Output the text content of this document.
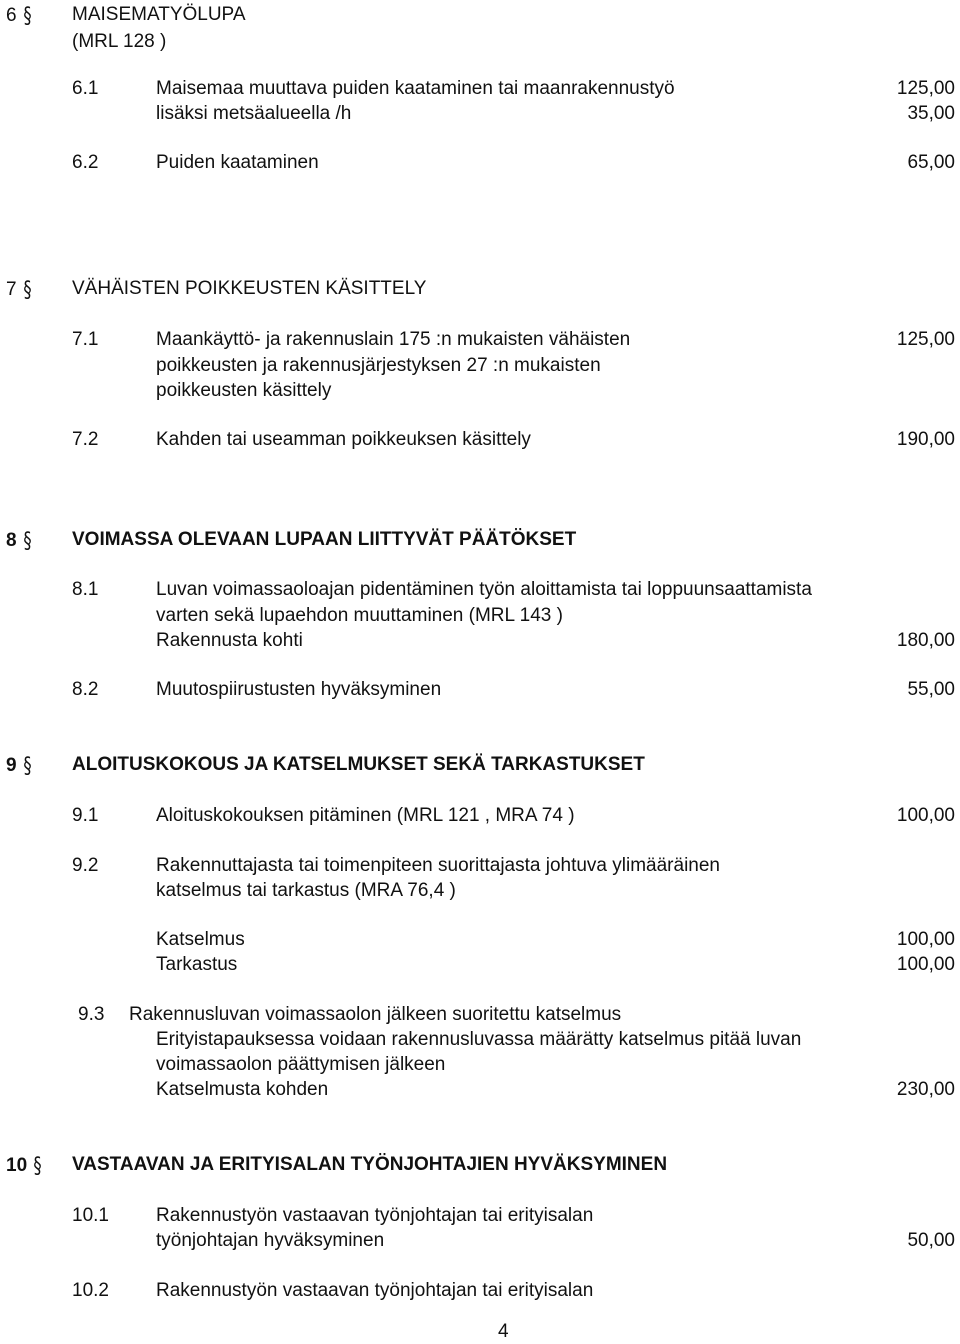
6 § MAISEMATYÖLUPA
(MRL 128 )
6.1	Maisemaa muuttava puiden kaataminen tai maanrakennustyö	125,00
lisäksi metsäalueella /h	35,00
6.2	Puiden kaataminen	65,00
7 § VÄHÄISTEN POIKKEUSTEN KÄSITTELY
7.1	Maankäyttö- ja rakennuslain 175 :n mukaisten vähäisten	125,00
poikkeusten ja rakennusjärjestyksen 27 :n mukaisten
poikkeusten käsittely
7.2	Kahden tai useamman poikkeuksen käsittely	190,00
8 § VOIMASSA OLEVAAN LUPAAN LIITTYVÄT PÄÄTÖKSET
8.1	Luvan voimassaoloajan pidentäminen työn aloittamista tai loppuunsaattamista
varten sekä lupaehdon muuttaminen (MRL 143 )
Rakennusta kohti	180,00
8.2	Muutospiirustusten hyväksyminen	55,00
9 § ALOITUSKOKOUS JA KATSELMUKSET SEKÄ TARKASTUKSET
9.1	Aloituskokouksen pitäminen (MRL 121 , MRA 74 )	100,00
9.2	Rakennuttajasta tai toimenpiteen suorittajasta johtuva ylimääräinen
katselmus tai tarkastus (MRA 76,4 )
Katselmus	100,00
Tarkastus	100,00
9.3 Rakennusluvan voimassaolon jälkeen suoritettu katselmus
Erityistapauksessa voidaan rakennusluvassa määrätty katselmus pitää luvan
voimassaolon päättymisen jälkeen
Katselmusta kohden	230,00
10 § VASTAAVAN JA ERITYISALAN TYÖNJOHTAJIEN HYVÄKSYMINEN
10.1 Rakennustyön vastaavan työnjohtajan tai erityisalan
työnjohtajan hyväksyminen	50,00
10.2 Rakennustyön vastaavan työnjohtajan tai erityisalan
4
